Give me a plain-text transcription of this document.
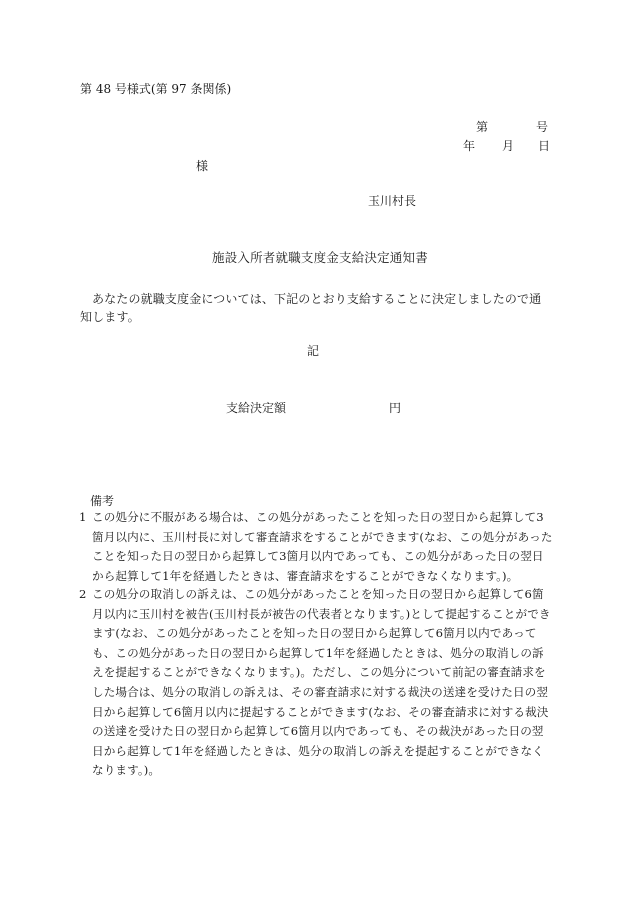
第 48 号様式(第 97 条関係)
第	号
年 月 日
様
玉川村長
施設入所者就職支度金支給決定通知書
あなたの就職支度金については、下記のとおり支給することに決定しましたので通知します。
記
支給決定額	円
備考
1 この処分に不服がある場合は、この処分があったことを知った日の翌日から起算して3箇月以内に、玉川村長に対して審査請求をすることができます(なお、この処分があったことを知った日の翌日から起算して3箇月以内であっても、この処分があった日の翌日から起算して1年を経過したときは、審査請求をすることができなくなります。)。
2 この処分の取消しの訴えは、この処分があったことを知った日の翌日から起算して6箇月以内に玉川村を被告(玉川村長が被告の代表者となります。)として提起することができます(なお、この処分があったことを知った日の翌日から起算して6箇月以内であっても、この処分があった日の翌日から起算して1年を経過したときは、処分の取消しの訴えを提起することができなくなります。)。ただし、この処分について前記の審査請求をした場合は、処分の取消しの訴えは、その審査請求に対する裁決の送達を受けた日の翌日から起算して6箇月以内に提起することができます(なお、その審査請求に対する裁決の送達を受けた日の翌日から起算して6箇月以内であっても、その裁決があった日の翌日から起算して1年を経過したときは、処分の取消しの訴えを提起することができなくなります。)。
